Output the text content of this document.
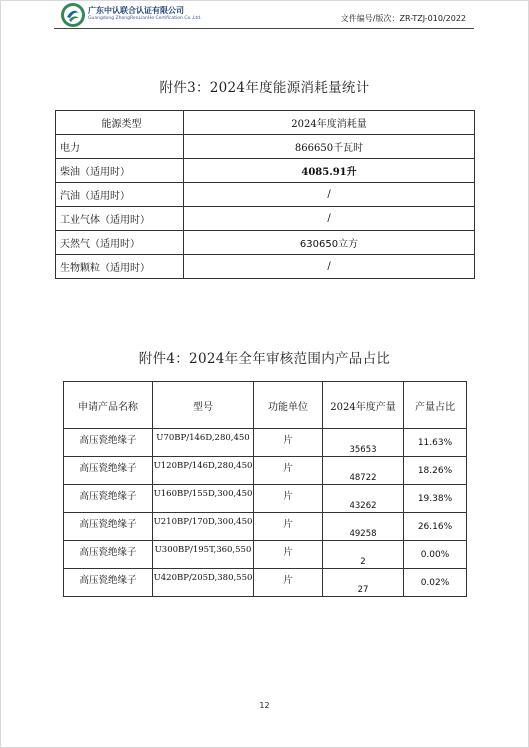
广东中认联合认证有限公司
Guangdong ZhongRenLianHe Certification Co.,Ltd.	文件编号/版次：ZR-TZJ-010/2022
附件3：2024年度能源消耗量统计
能源类型	2024年度消耗量
电力	866650千瓦时
柴油（适用时）	4085.91升
汽油（适用时）	/
工业气体（适用时）	/
天然气（适用时）	630650立方
生物颗粒（适用时）	/
附件4：2024年全年审核范围内产品占比
申请产品名称	型号	功能单位	2024年度产量	产量占比
高压瓷绝缘子	U70BP/146D,280,450	片	35653	11.63%
高压瓷绝缘子	U120BP/146D,280,450	片	48722	18.26%
高压瓷绝缘子	U160BP/155D,300,450	片	43262	19.38%
高压瓷绝缘子	U210BP/170D,300,450	片	49258	26.16%
高压瓷绝缘子	U300BP/195T,360,550	片	2	0.00%
高压瓷绝缘子	U420BP/205D,380,550	片	27	0.02%
12
